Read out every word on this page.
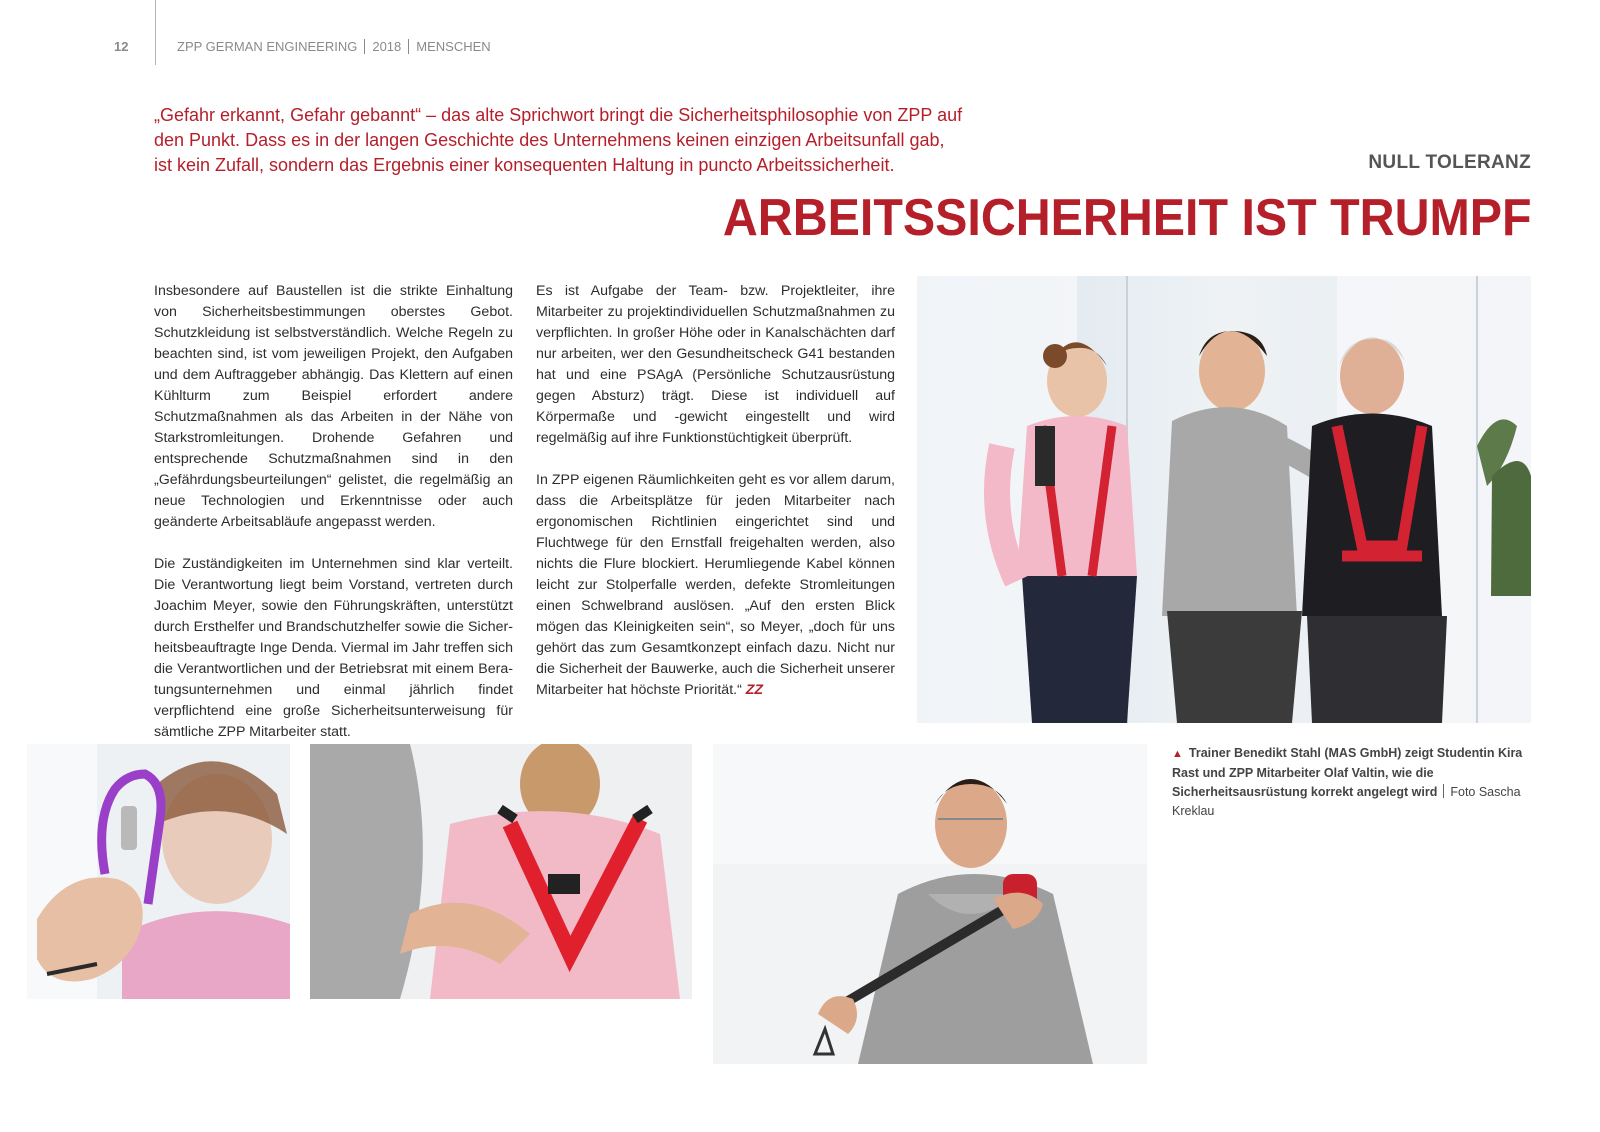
12	ZPP GERMAN ENGINEERING 2018 MENSCHEN

„Gefahr erkannt, Gefahr gebannt“ – das alte Sprichwort bringt die Sicherheitsphilosophie von ZPP auf

den Punkt. Dass es in der langen Geschichte des Unternehmens keinen einzigen Arbeitsunfall gab,

ist kein Zufall, sondern das Ergebnis einer konsequenten Haltung in puncto Arbeitssicherheit.	NULL TOLERANZ
ARBEITSSICHERHEIT IST TRUMPF

Insbesondere auf Baustellen ist die strikte Einhaltung von Sicherheitsbestimmungen oberstes Gebot. Schutzkleidung ist selbstverständlich. Welche Regeln zu beachten sind, ist vom jeweiligen Projekt, den Aufgaben und dem Auftraggeber abhängig. Das Klettern auf einen Kühlturm zum Beispiel erfordert andere Schutzmaßnahmen als das Arbeiten in der Nähe von Starkstromleitungen. Drohende Gefahren und entsprechende Schutzmaßnahmen sind in den „Gefährdungsbeurteilungen“ gelistet, die regelmäßig an neue Technologien und Erkenntnisse oder auch geänderte Arbeitsabläufe angepasst werden.

Die Zuständigkeiten im Unternehmen sind klar verteilt. Die Verantwortung liegt beim Vorstand, vertreten durch Joachim Meyer, sowie den Führungskräften, unterstützt durch Ersthelfer und Brandschutzhelfer sowie die Sicherheitsbeauftragte Inge Denda. Viermal im Jahr treffen sich die Verantwortlichen und der Betriebsrat mit einem Beratungsunternehmen und einmal jährlich findet verpflichtend eine große Sicherheitsunterweisung für sämtliche ZPP Mitarbeiter statt.

Es ist Aufgabe der Team- bzw. Projektleiter, ihre Mitarbeiter zu projektindividuellen Schutzmaßnahmen zu verpflichten. In großer Höhe oder in Kanalschächten darf nur arbeiten, wer den Gesundheitscheck G41 bestanden hat und eine PSAgA (Persönliche Schutzausrüstung gegen Absturz) trägt. Diese ist individuell auf Körpermaße und -gewicht eingestellt und wird regelmäßig auf ihre Funktionstüchtigkeit überprüft.

In ZPP eigenen Räumlichkeiten geht es vor allem darum, dass die Arbeitsplätze für jeden Mitarbeiter nach ergonomischen Richtlinien eingerichtet sind und Fluchtwege für den Ernstfall freigehalten werden, also nichts die Flure blockiert. Herumliegende Kabel können leicht zur Stolperfalle werden, defekte Stromleitungen einen Schwelbrand auslösen. „Auf den ersten Blick mögen das Kleinigkeiten sein“, so Meyer, „doch für uns gehört das zum Gesamtkonzept einfach dazu. Nicht nur die Sicherheit der Bauwerke, auch die Sicherheit unserer Mitarbeiter hat höchste Priorität.“ ZZ

▲ Trainer Benedikt Stahl (MAS GmbH) zeigt Studentin Kira Rast und ZPP Mitarbeiter Olaf Valtin, wie die Sicherheitsausrüstung korrekt angelegt wird Foto Sascha Kreklau
